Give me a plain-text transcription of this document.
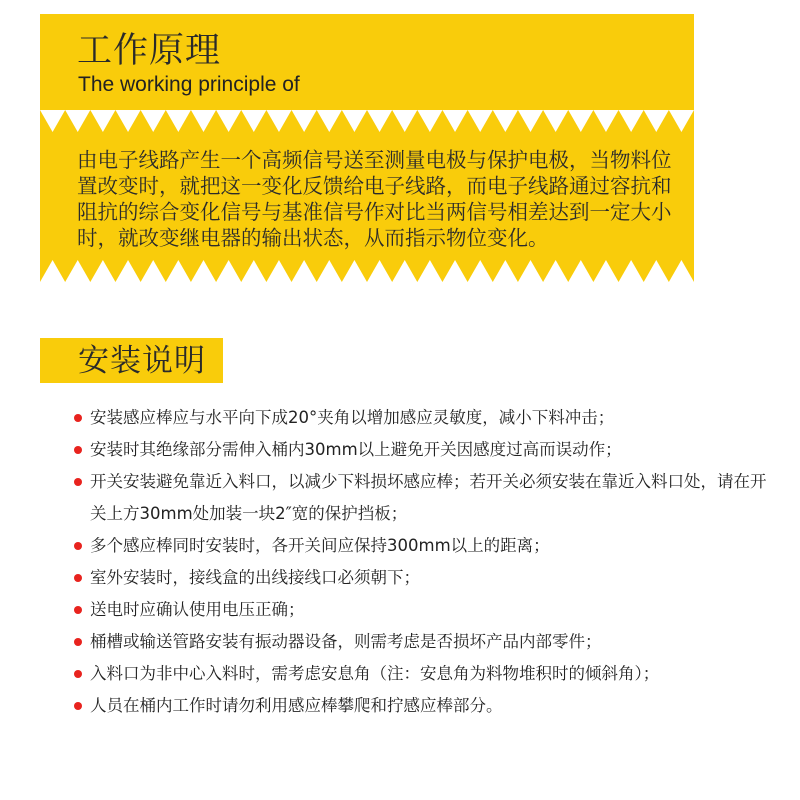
工作原理
The working principle of

由电子线路产生一个高频信号送至测量电极与保护电极，当物料位置改变时，就把这一变化反馈给电子线路，而电子线路通过容抗和阻抗的综合变化信号与基准信号作对比当两信号相差达到一定大小时，就改变继电器的输出状态，从而指示物位变化。

安装说明
安装感应棒应与水平向下成20°夹角以增加感应灵敏度，减小下料冲击；
安装时其绝缘部分需伸入桶内30mm以上避免开关因感度过高而误动作；
开关安装避免靠近入料口，以减少下料损坏感应棒；若开关必须安装在靠近入料口处，请在开关上方30mm处加装一块2″宽的保护挡板；
多个感应棒同时安装时，各开关间应保持300mm以上的距离；
室外安装时，接线盒的出线接线口必须朝下；
送电时应确认使用电压正确；
桶槽或输送管路安装有振动器设备，则需考虑是否损坏产品内部零件；
入料口为非中心入料时，需考虑安息角（注：安息角为料物堆积时的倾斜角）；
人员在桶内工作时请勿利用感应棒攀爬和拧感应棒部分。
